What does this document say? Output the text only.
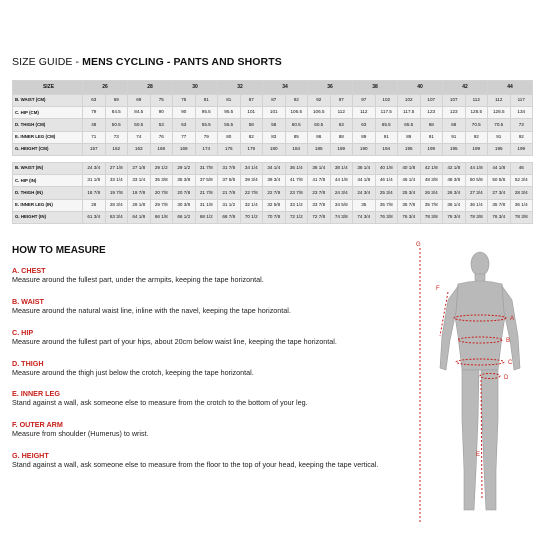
SIZE GUIDE - MENS CYCLING - PANTS AND SHORTS
SIZE	26		28		30		32		34		36		38		40		42		44	
B. WAIST (CM)	63	69	69	75	75	81	81	87	87	92	92	97	97	102	102	107	107	112	112	117
C. HIP (CM)	79	84.5	84.5	90	90	95.5	95.5	101	101	106.5	106.5	112	112	117.5	117.5	123	123	128.5	128.5	134
D. THIGH (CM)	48	50.5	50.5	53	53	55.5	55.5	58	58	60.5	60.5	63	63	65.5	65.5	68	68	70.5	70.5	73
E. INNER LEG (CM)	71	73	74	76	77	79	80	82	83	85	86	88	89	91	89	91	91	92	91	92
G. HEIGHT (CM)	157	162	163	168	169	174	175	179	180	184	185	189	190	194	195	199	195	199	195	199

B. WAIST (IN)	24 3/4	27 1/8	27 1/8	29 1/2	29 1/2	31 7/8	31 7/8	34 1/4	34 1/4	36 1/4	36 1/4	38 1/4	38 1/4	40 1/8	40 1/8	42 1/8	42 1/8	44 1/8	44 1/8	46
C. HIP (IN)	31 1/8	33 1/4	33 1/4	35 3/8	35 3/8	37 5/8	37 5/8	39 3/4	39 3/4	41 7/8	41 7/8	44 1/8	44 1/8	46 1/4	46 1/4	48 3/8	48 3/8	50 5/8	50 5/8	52 3/4
D. THIGH (IN)	18 7/8	19 7/8	19 7/8	20 7/8	20 7/8	21 7/8	21 7/8	22 7/8	22 7/8	23 7/8	23 7/8	24 3/4	24 3/4	25 3/4	25 3/4	26 3/4	26 3/4	27 3/4	27 3/4	28 3/4
E. INNER LEG (IN)	28	28 3/4	29 1/8	29 7/8	30 3/8	31 1/8	31 1/2	32 1/4	32 5/8	33 1/2	33 7/8	34 5/8	35	35 7/8	35 7/8	35 7/8	36 1/4	36 1/4	35 7/8	36 1/4
G. HEIGHT (IN)	61 3/4	63 3/4	64 1/8	66 1/8	66 1/2	68 1/2	68 7/8	70 1/2	70 7/8	72 1/2	72 7/8	74 3/8	74 3/4	76 3/8	76 3/4	78 3/8	76 3/4	78 3/8	76 3/4	78 3/8
HOW TO MEASURE
A. CHEST
Measure around the fullest part, under the armpits, keeping the tape horizontal.
B. WAIST
Measure around the natural waist line, inline with the navel, keeping the tape horizontal.
C. HIP
Measure around the fullest part of your hips, about 20cm below waist line, keeping the tape horizontal.
D. THIGH
Measure around the thigh just below the crotch, keeping the tape horizontal.
E. INNER LEG
Stand against a wall, ask someone else to measure from the crotch to the bottom of your leg.
F. OUTER ARM
Measure from shoulder (Humerus) to wrist.
G. HEIGHT
Stand against a wall, ask someone else to measure from the floor to the top of your head, keeping the tape vertical.
G
F
A
B
C
D
E
